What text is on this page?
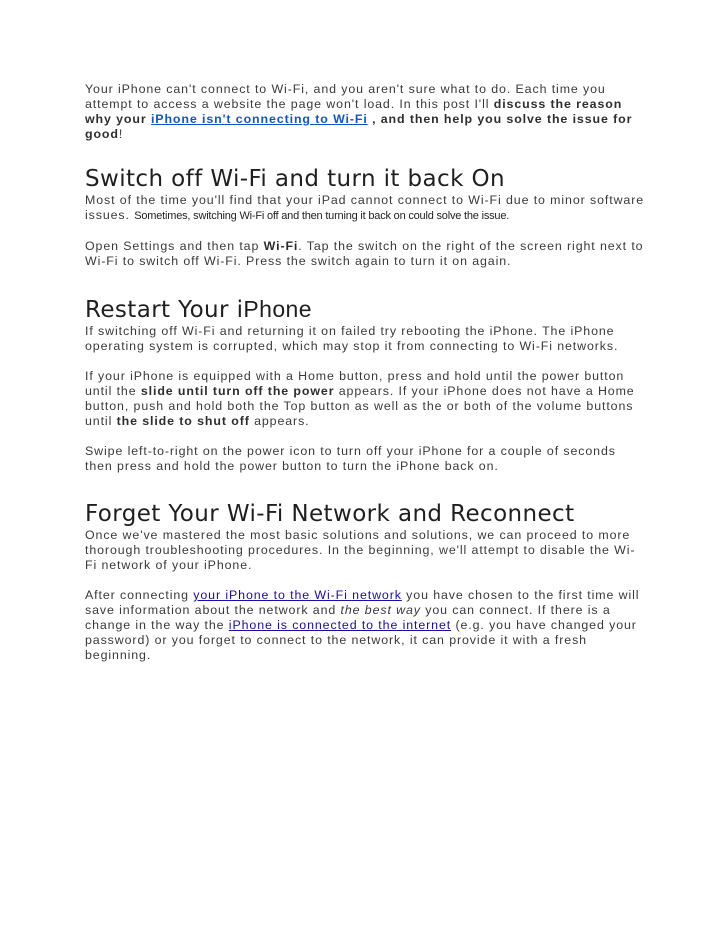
Your iPhone can't connect to Wi-Fi, and you aren't sure what to do. Each time you attempt to access a website the page won't load. In this post I'll discuss the reason why your iPhone isn't connecting to Wi-Fi , and then help you solve the issue for good!

Switch off Wi-Fi and turn it back On

Most of the time you'll find that your iPad cannot connect to Wi-Fi due to minor software issues. Sometimes, switching Wi-Fi off and then turning it back on could solve the issue.

Open Settings and then tap Wi-Fi. Tap the switch on the right of the screen right next to Wi-Fi to switch off Wi-Fi. Press the switch again to turn it on again.

Restart Your iPhone

If switching off Wi-Fi and returning it on failed try rebooting the iPhone. The iPhone operating system is corrupted, which may stop it from connecting to Wi-Fi networks.

If your iPhone is equipped with a Home button, press and hold until the power button until the slide until turn off the power appears. If your iPhone does not have a Home button, push and hold both the Top button as well as the or both of the volume buttons until the slide to shut off appears.

Swipe left-to-right on the power icon to turn off your iPhone for a couple of seconds then press and hold the power button to turn the iPhone back on.

Forget Your Wi-Fi Network and Reconnect

Once we've mastered the most basic solutions and solutions, we can proceed to more thorough troubleshooting procedures. In the beginning, we'll attempt to disable the Wi-Fi network of your iPhone.

After connecting your iPhone to the Wi-Fi network you have chosen to the first time will save information about the network and the best way you can connect. If there is a change in the way the iPhone is connected to the internet (e.g. you have changed your password) or you forget to connect to the network, it can provide it with a fresh beginning.
